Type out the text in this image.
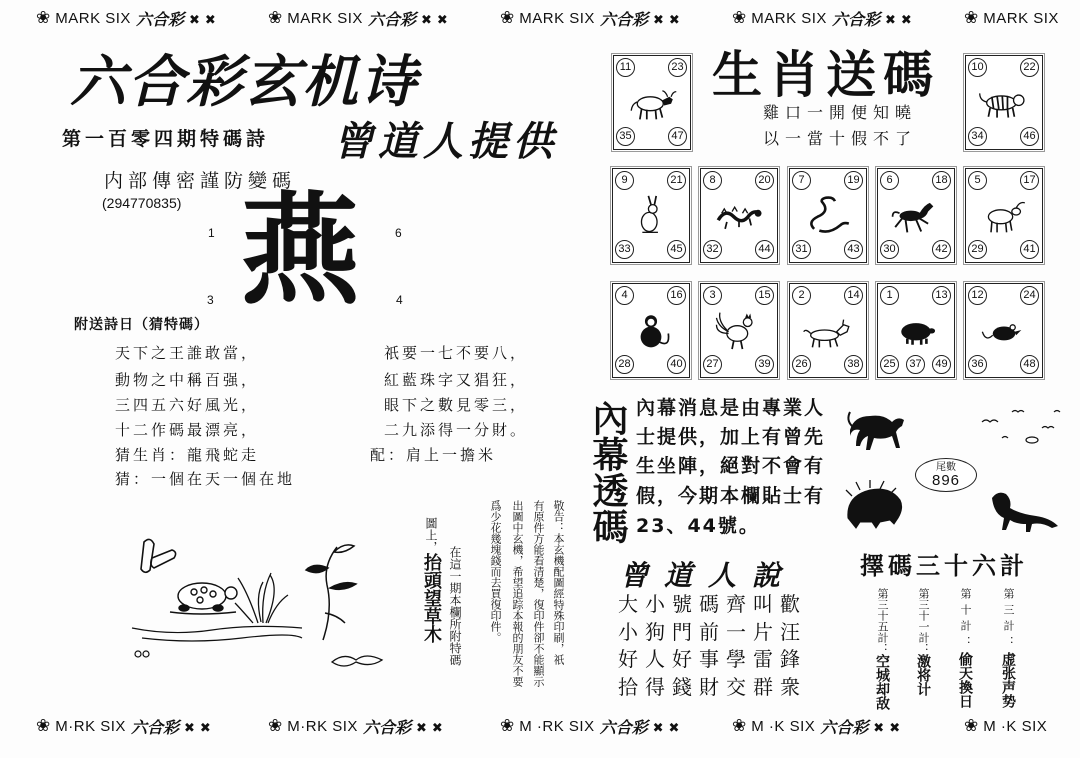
❀
MARK SIX 六合彩 ✖ ✖ ❀	MARK SIX 六合彩 ✖ ✖ ❀	MARK SIX 六合彩 ✖ ✖ ❀	MARK SIX 六合彩 ✖ ✖ ❀	MARK SIX
❀
M·RK SIX 六合彩 ✖ ✖ ❀	M·RK SIX 六合彩 ✖ ✖ ❀	M ·RK SIX 六合彩 ✖ ✖ ❀	M ·K SIX 六合彩 ✖ ✖ ❀	M ·K SIX
六合彩玄机诗
第一百零四期特碼詩 曾道人提供
内部傳密謹防變碼
(294770835) 燕
1	6
3	4
附送詩日（猜特碼）
天下之王誰敢當，
動物之中稱百强，
三四五六好風光，
十二作碼最漂亮，
猜生肖：龍飛蛇走
猜：一個在天一個在地
祇要一七不要八，
紅藍珠字又猖狂，
眼下之數見零三，
二九添得一分財。
配：肩上一擔米
敬告：本玄機配圖經特殊印刷，祇
有原件方能看清楚，復印件卻不能顯示
出圖中玄機，希望追踪本報的朋友不要
爲少花幾塊錢而去買復印件。
在這一期本欄所附特碼
圖上，抬頭望草木
生肖送碼
雞口一開便知曉
以一當十假不了
11	23
35	47
10	22
34	46
9	21
33	45
8	20
32	44
7	19
31	43
6	18
30	42
5	17
29	41
4	16
28	40
3	15
27	39
2	14
26	38
1	13
25	37	49
12	24
36	48
內幕透碼 內幕消息是由專業人
士提供，加上有曾先
生坐陣，絕對不會有
假，今期本欄貼士有
23、44號。
尾數
896
曾道人說
大小號碼齊叫歡
小狗門前一片汪
好人好事學雷鋒
拾得錢財交群衆
擇碼三十六計
第三計：虚张声势
第十計：偷天換日
第三十一計：激将计
第三十五計：空城却敌
